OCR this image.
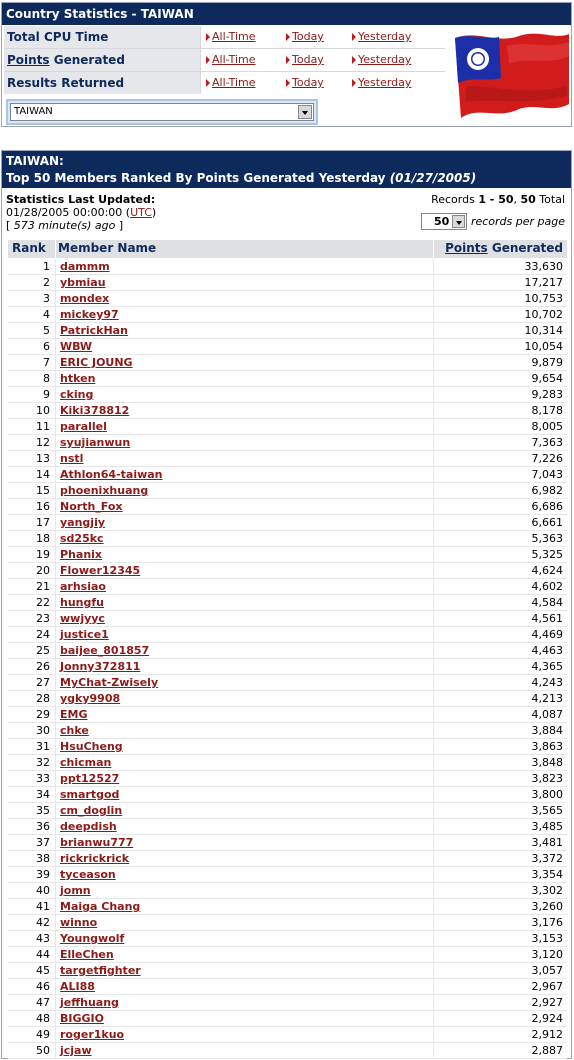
Country Statistics - TAIWAN
Total CPU Time	All-Time	Today	Yesterday
Points Generated	All-Time	Today	Yesterday
Results Returned	All-Time	Today	Yesterday
TAIWAN
TAIWAN:
Top 50 Members Ranked By Points Generated Yesterday (01/27/2005)
Statistics Last Updated:
01/28/2005 00:00:00 (UTC)
[ 573 minute(s) ago ]
Records 1 - 50, 50 Total
50 records per page
Rank Member Name	Points Generated
1 dammm	33,630
2 ybmiau	17,217
3 mondex	10,753
4 mickey97	10,702
5 PatrickHan	10,314
6 WBW	10,054
7 ERIC JOUNG	9,879
8 htken	9,654
9 cking	9,283
10 Kiki378812	8,178
11 parallel	8,005
12 syujianwun	7,363
13 nstl	7,226
14 Athlon64-taiwan	7,043
15 phoenixhuang	6,982
16 North_Fox	6,686
17 yangjiy	6,661
18 sd25kc	5,363
19 Phanix	5,325
20 Flower12345	4,624
21 arhsiao	4,602
22 hungfu	4,584
23 wwjyyc	4,561
24 justice1	4,469
25 baijee_801857	4,463
26 Jonny372811	4,365
27 MyChat-Zwisely	4,243
28 ygky9908	4,213
29 EMG	4,087
30 chke	3,884
31 HsuCheng	3,863
32 chicman	3,848
33 ppt12527	3,823
34 smartgod	3,800
35 cm_doglin	3,565
36 deepdish	3,485
37 brianwu777	3,481
38 rickrickrick	3,372
39 tyceason	3,354
40 jomn	3,302
41 Maiga Chang	3,260
42 winno	3,176
43 Youngwolf	3,153
44 ElleChen	3,120
45 targetfighter	3,057
46 ALI88	2,967
47 jeffhuang	2,927
48 BIGGIO	2,924
49 roger1kuo	2,912
50 jcjaw	2,887
